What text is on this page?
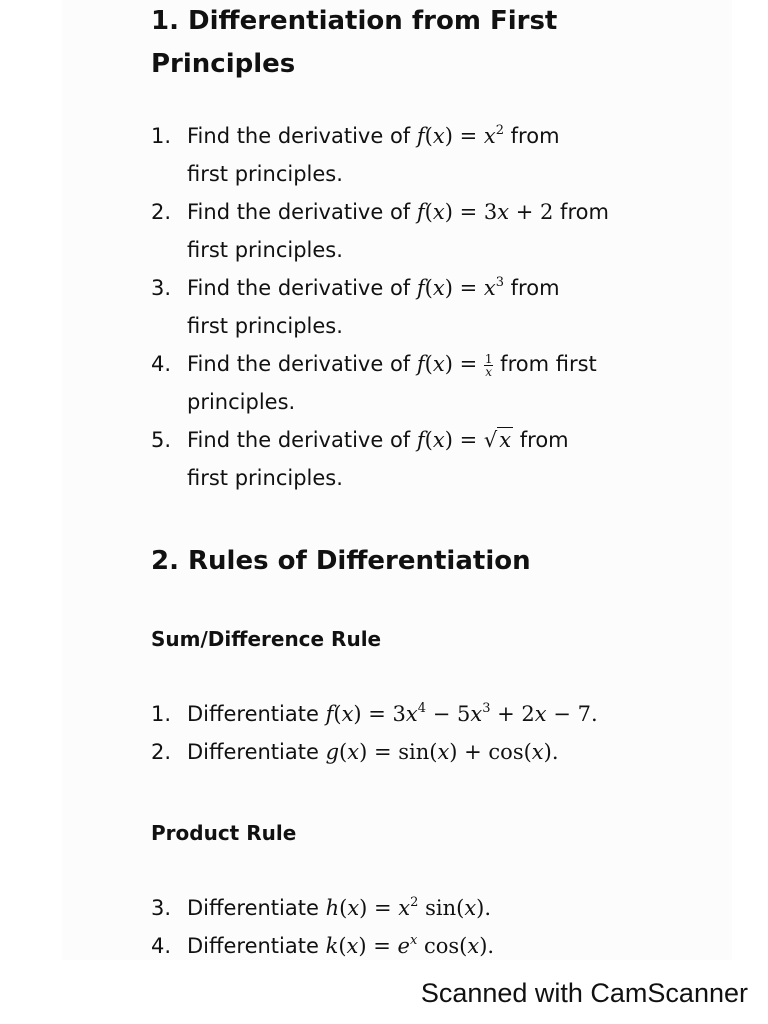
1. Differentiation from First
Principles
1. Find the derivative of $f(x) = x^2$ from
first principles.
2. Find the derivative of f(x) = 3x + 2 from
first principles.
3. Find the derivative of $f(x) = x^3$ from
first principles.
4. Find the derivative of $f(x) = \frac{1}{x}$ from first
principles.
5. Find the derivative of f(x) = √x from
first principles.
2. Rules of Differentiation
Sum/Difference Rule
1. Differentiate $f(x) = 3x^4 - 5x^3 + 2x - 7$.
2. Differentiate g(x) = sin(x) + cos(x).
Product Rule
3. Differentiate $h(x) = x^2$ sin(x).
4. Differentiate $k(x) = e^x$ cos(x).
Scanned with CamScanner
